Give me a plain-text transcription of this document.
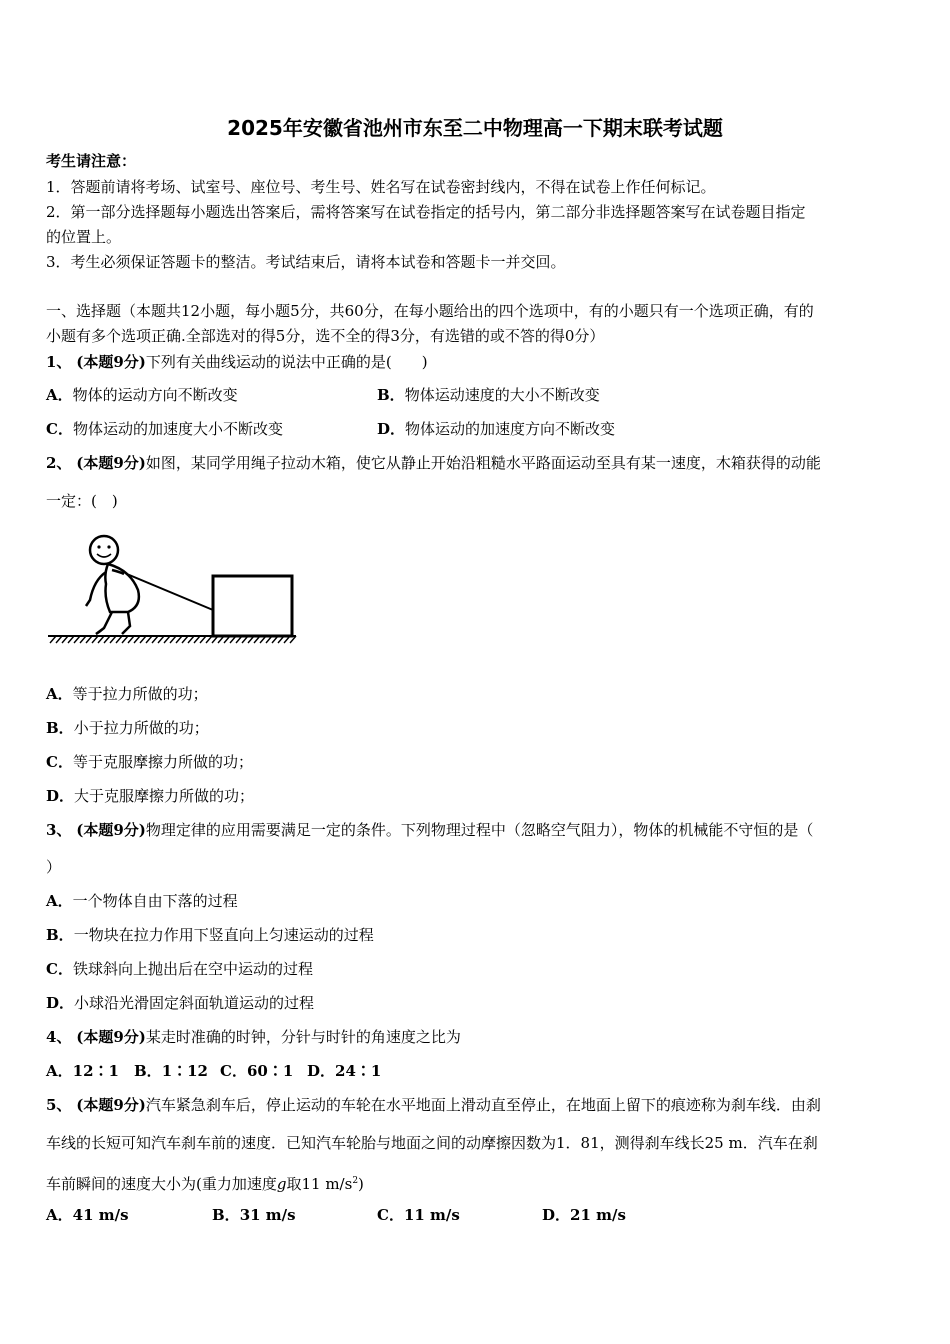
2025年安徽省池州市东至二中物理高一下期末联考试题
考生请注意：
1．答题前请将考场、试室号、座位号、考生号、姓名写在试卷密封线内，不得在试卷上作任何标记。
2．第一部分选择题每小题选出答案后，需将答案写在试卷指定的括号内，第二部分非选择题答案写在试卷题目指定
的位置上。
3．考生必须保证答题卡的整洁。考试结束后，请将本试卷和答题卡一并交回。
一、选择题（本题共12小题，每小题5分，共60分，在每小题给出的四个选项中，有的小题只有一个选项正确，有的
小题有多个选项正确.全部选对的得5分，选不全的得3分，有选错的或不答的得0分）
1、 (本题9分)下列有关曲线运动的说法中正确的是(　　)
A．物体的运动方向不断改变	B．物体运动速度的大小不断改变
C．物体运动的加速度大小不断改变	D．物体运动的加速度方向不断改变
2、 (本题9分)如图，某同学用绳子拉动木箱，使它从静止开始沿粗糙水平路面运动至具有某一速度，木箱获得的动能
一定：(　)
A．等于拉力所做的功；
B．小于拉力所做的功；
C．等于克服摩擦力所做的功；
D．大于克服摩擦力所做的功；
3、 (本题9分)物理定律的应用需要满足一定的条件。下列物理过程中（忽略空气阻力），物体的机械能不守恒的是（
）
A．一个物体自由下落的过程
B．一物块在拉力作用下竖直向上匀速运动的过程
C．铁球斜向上抛出后在空中运动的过程
D．小球沿光滑固定斜面轨道运动的过程
4、 (本题9分)某走时准确的时钟，分针与时针的角速度之比为
A．12∶1 B．1∶12 C．60∶1 D．24∶1
5、 (本题9分)汽车紧急刹车后，停止运动的车轮在水平地面上滑动直至停止，在地面上留下的痕迹称为刹车线．由刹
车线的长短可知汽车刹车前的速度．已知汽车轮胎与地面之间的动摩擦因数为1．81，测得刹车线长25 m．汽车在刹
车前瞬间的速度大小为(重力加速度g取11 $m/s^2$)
A．41 m/s	B．31 m/s	C．11 m/s	D．21 m/s
